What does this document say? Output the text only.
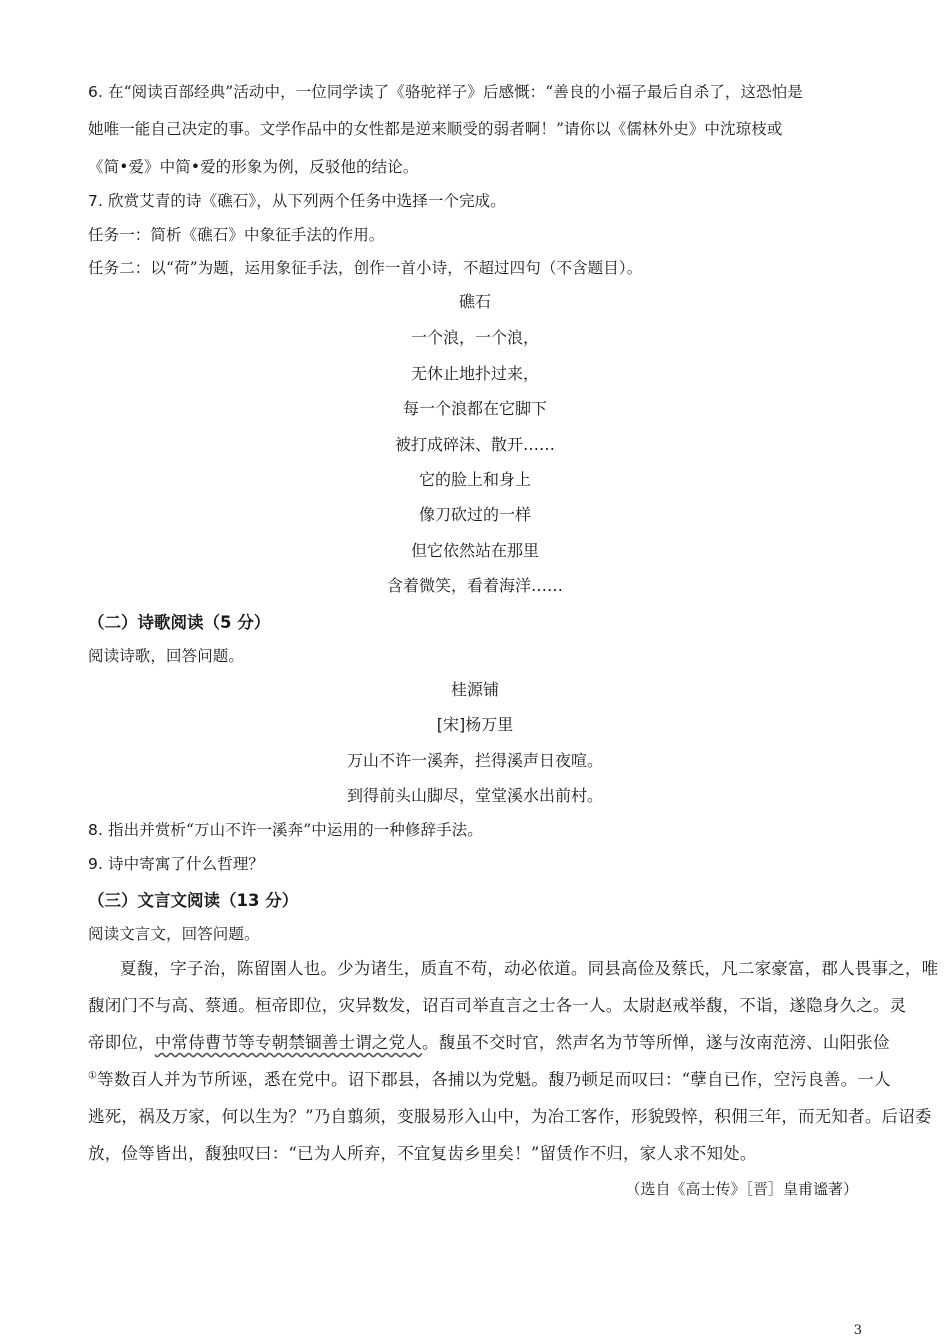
6. 在“阅读百部经典”活动中，一位同学读了《骆驼祥子》后感慨：“善良的小福子最后自杀了，这恐怕是
她唯一能自己决定的事。文学作品中的女性都是逆来顺受的弱者啊！”请你以《儒林外史》中沈琼枝或
《简•爱》中简•爱的形象为例，反驳他的结论。
7. 欣赏艾青的诗《礁石》，从下列两个任务中选择一个完成。
任务一：简析《礁石》中象征手法的作用。
任务二：以“荷”为题，运用象征手法，创作一首小诗，不超过四句（不含题目）。
礁石
一个浪，一个浪，
无休止地扑过来，
每一个浪都在它脚下
被打成碎沫、散开……
它的脸上和身上
像刀砍过的一样
但它依然站在那里
含着微笑，看着海洋……
（二）诗歌阅读（5 分）
阅读诗歌，回答问题。
桂源铺
[宋]杨万里
万山不许一溪奔，拦得溪声日夜喧。
到得前头山脚尽，堂堂溪水出前村。
8. 指出并赏析“万山不许一溪奔”中运用的一种修辞手法。
9. 诗中寄寓了什么哲理？
（三）文言文阅读（13 分）
阅读文言文，回答问题。
夏馥，字子治，陈留圉人也。少为诸生，质直不苟，动必依道。同县高俭及蔡氏，凡二家豪富，郡人畏事之，唯
馥闭门不与高、蔡通。桓帝即位，灾异数发，诏百司举直言之士各一人。太尉赵戒举馥，不诣，遂隐身久之。灵
帝即位，中常侍曹节等专朝禁锢善士谓之党人。馥虽不交时官，然声名为节等所惮，遂与汝南范滂、山阳张俭
①等数百人并为节所诬，悉在党中。诏下郡县，各捕以为党魁。馥乃顿足而叹曰：“孽自已作，空污良善。一人
逃死，祸及万家，何以生为？”乃自翦须，变服易形入山中，为冶工客作，形貌毁悴，积佣三年，而无知者。后诏委
放，俭等皆出，馥独叹曰：“已为人所弃，不宜复齿乡里矣！”留赁作不归，家人求不知处。
（选自《高士传》［晋］皇甫谧著）
3
